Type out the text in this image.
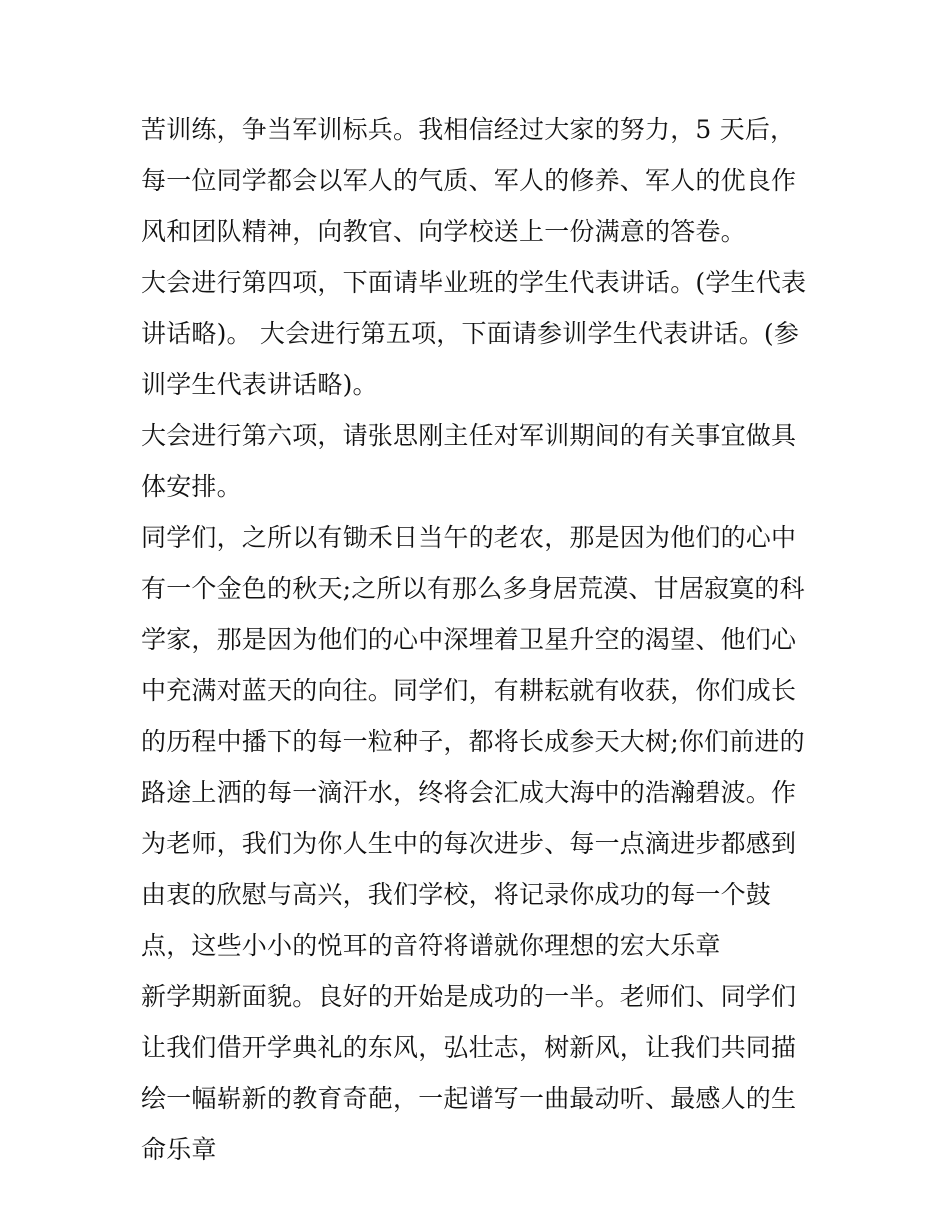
苦训练，争当军训标兵。我相信经过大家的努力，5 天后，每一位同学都会以军人的气质、军人的修养、军人的优良作风和团队精神，向教官、向学校送上一份满意的答卷。

大会进行第四项，下面请毕业班的学生代表讲话。(学生代表讲话略)。 大会进行第五项，下面请参训学生代表讲话。(参训学生代表讲话略)。

大会进行第六项，请张思刚主任对军训期间的有关事宜做具体安排。

同学们，之所以有锄禾日当午的老农，那是因为他们的心中有一个金色的秋天;之所以有那么多身居荒漠、甘居寂寞的科学家，那是因为他们的心中深埋着卫星升空的渴望、他们心中充满对蓝天的向往。同学们，有耕耘就有收获，你们成长的历程中播下的每一粒种子，都将长成参天大树;你们前进的路途上洒的每一滴汗水，终将会汇成大海中的浩瀚碧波。作为老师，我们为你人生中的每次进步、每一点滴进步都感到由衷的欣慰与高兴，我们学校，将记录你成功的每一个鼓点，这些小小的悦耳的音符将谱就你理想的宏大乐章

新学期新面貌。良好的开始是成功的一半。老师们、同学们让我们借开学典礼的东风，弘壮志，树新风，让我们共同描绘一幅崭新的教育奇葩，一起谱写一曲最动听、最感人的生命乐章
